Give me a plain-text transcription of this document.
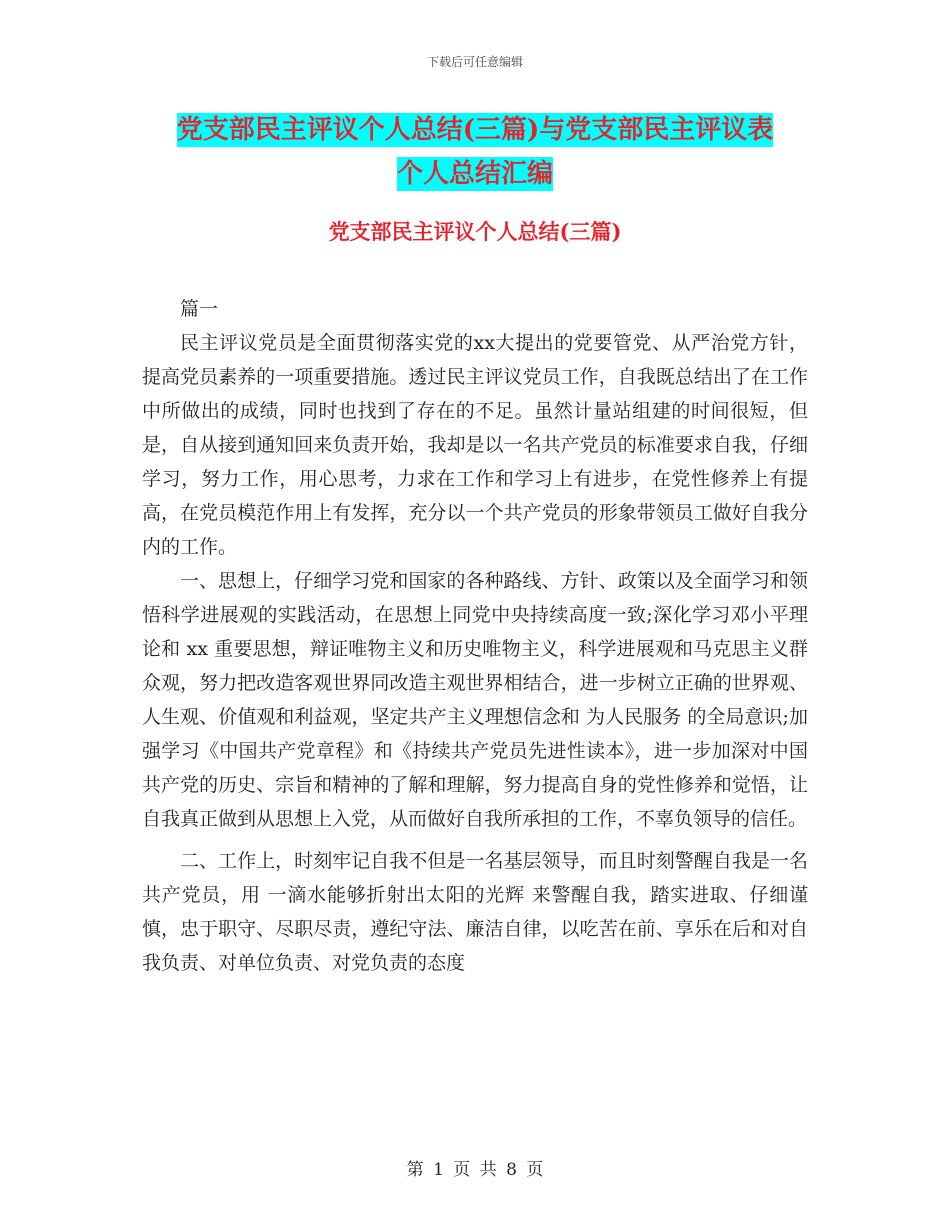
下载后可任意编辑
党支部民主评议个人总结(三篇)与党支部民主评议表
个人总结汇编
党支部民主评议个人总结(三篇)

篇一

民主评议党员是全面贯彻落实党的xx大提出的党要管党、从严治党方针，提高党员素养的一项重要措施。透过民主评议党员工作，自我既总结出了在工作中所做出的成绩，同时也找到了存在的不足。虽然计量站组建的时间很短，但是，自从接到通知回来负责开始，我却是以一名共产党员的标准要求自我，仔细学习，努力工作，用心思考，力求在工作和学习上有进步，在党性修养上有提高，在党员模范作用上有发挥，充分以一个共产党员的形象带领员工做好自我分内的工作。

一、思想上，仔细学习党和国家的各种路线、方针、政策以及全面学习和领悟科学进展观的实践活动，在思想上同党中央持续高度一致;深化学习邓小平理论和 xx 重要思想，辩证唯物主义和历史唯物主义，科学进展观和马克思主义群众观，努力把改造客观世界同改造主观世界相结合，进一步树立正确的世界观、人生观、价值观和利益观，坚定共产主义理想信念和 为人民服务 的全局意识;加强学习《中国共产党章程》和《持续共产党员先进性读本》，进一步加深对中国共产党的历史、宗旨和精神的了解和理解，努力提高自身的党性修养和觉悟，让自我真正做到从思想上入党，从而做好自我所承担的工作，不辜负领导的信任。

二、工作上，时刻牢记自我不但是一名基层领导，而且时刻警醒自我是一名共产党员，用 一滴水能够折射出太阳的光辉 来警醒自我，踏实进取、仔细谨慎，忠于职守、尽职尽责，遵纪守法、廉洁自律，以吃苦在前、享乐在后和对自我负责、对单位负责、对党负责的态度

第 1 页 共 8 页
